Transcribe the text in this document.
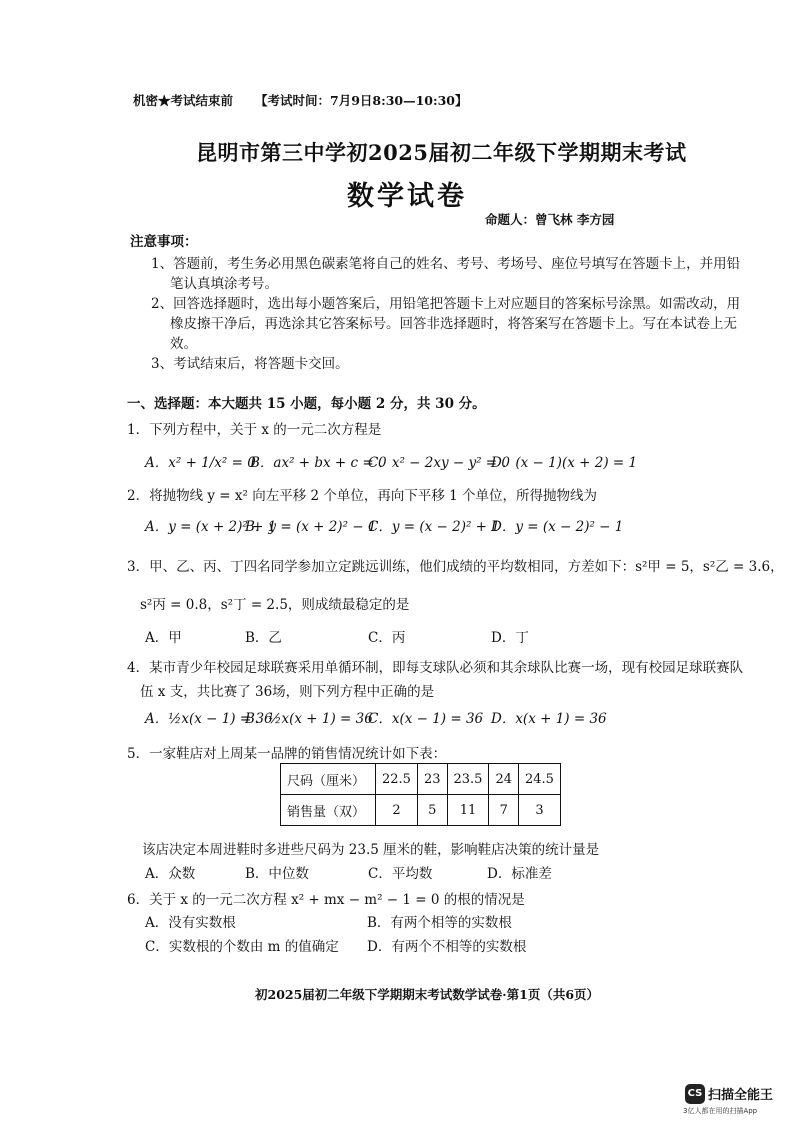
机密★考试结束前 【考试时间：7月9日8:30—10:30】
昆明市第三中学初2025届初二年级下学期期末考试
数学试卷
命题人：曾飞林 李方园
注意事项：
1、答题前，考生务必用黑色碳素笔将自己的姓名、考号、考场号、座位号填写在答题卡上，并用铅
笔认真填涂考号。
2、回答选择题时，选出每小题答案后，用铅笔把答题卡上对应题目的答案标号涂黑。如需改动，用
橡皮擦干净后，再选涂其它答案标号。回答非选择题时，将答案写在答题卡上。写在本试卷上无
效。
3、考试结束后，将答题卡交回。
一、选择题：本大题共 15 小题，每小题 2 分，共 30 分。
1．下列方程中，关于 x 的一元二次方程是
A．x² + 1/x² = 0
B．ax² + bx + c = 0
C．x² − 2xy − y² = 0
D．(x − 1)(x + 2) = 1
2．将抛物线 y = x² 向左平移 2 个单位，再向下平移 1 个单位，所得抛物线为
A．y = (x + 2)² + 1
B．y = (x + 2)² − 1
C．y = (x − 2)² + 1
D．y = (x − 2)² − 1
3．甲、乙、丙、丁四名同学参加立定跳远训练，他们成绩的平均数相同，方差如下：s²甲 = 5，s²乙 = 3.6，
s²丙 = 0.8，s²丁 = 2.5，则成绩最稳定的是
A．甲	B．乙	C．丙	D．丁
4．某市青少年校园足球联赛采用单循环制，即每支球队必须和其余球队比赛一场，现有校园足球联赛队
伍 x 支，共比赛了 36场，则下列方程中正确的是
A．½x(x − 1) = 36
B．½x(x + 1) = 36
C．x(x − 1) = 36 D．x(x + 1) = 36
5．一家鞋店对上周某一品牌的销售情况统计如下表：
尺码（厘米）	22.5	23	23.5	24	24.5
销售量（双）	2	5	11	7	3
该店决定本周进鞋时多进些尺码为 23.5 厘米的鞋，影响鞋店决策的统计量是
A．众数	B．中位数	C．平均数	D．标准差
6．关于 x 的一元二次方程 x² + mx − m² − 1 = 0 的根的情况是
A．没有实数根	B．有两个相等的实数根
C．实数根的个数由 m 的值确定 D．有两个不相等的实数根
初2025届初二年级下学期期末考试数学试卷·第1页（共6页）
CS 扫描全能王
3亿人都在用的扫描App
